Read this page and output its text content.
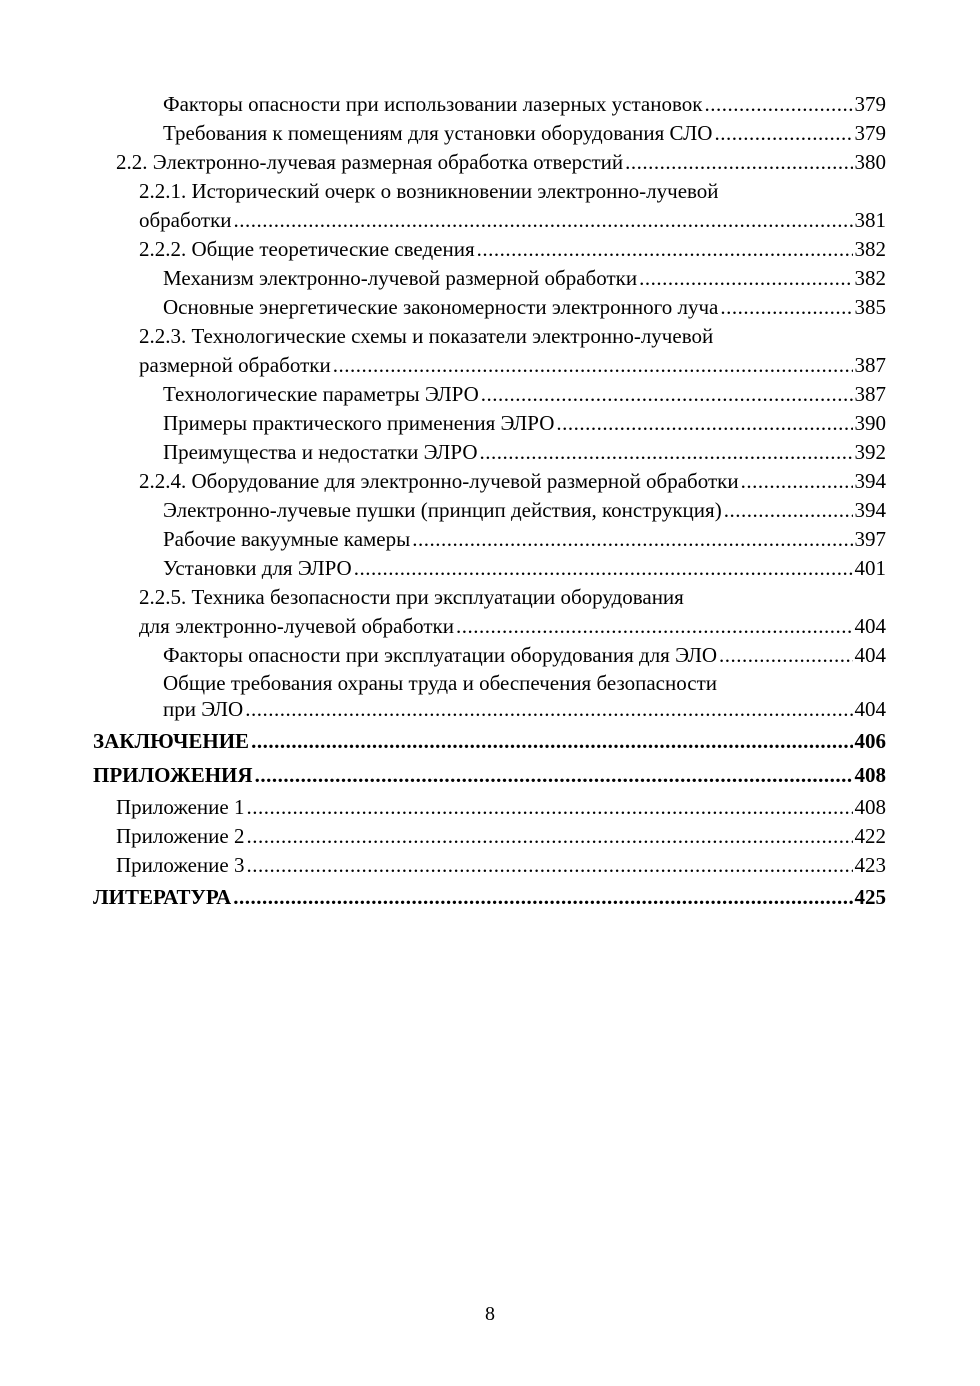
Факторы опасности при использовании лазерных установок .....	379
Требования к помещениям для установки оборудования СЛО .....	379
2.2. Электронно-лучевая размерная обработка отверстий .....	380
2.2.1. Исторический очерк о возникновении электронно-лучевой
обработки .....	381
2.2.2. Общие теоретические сведения .....	382
Механизм электронно-лучевой размерной обработки .....	382
Основные энергетические закономерности электронного луча .....	385
2.2.3. Технологические схемы и показатели электронно-лучевой
размерной обработки .....	387
Технологические параметры ЭЛРО .....	387
Примеры практического применения ЭЛРО .....	390
Преимущества и недостатки ЭЛРО .....	392
2.2.4. Оборудование для электронно-лучевой размерной обработки .....	394
Электронно-лучевые пушки (принцип действия, конструкция) .....	394
Рабочие вакуумные камеры .....	397
Установки для ЭЛРО .....	401
2.2.5. Техника безопасности при эксплуатации оборудования
для электронно-лучевой обработки .....	404
Факторы опасности при эксплуатации оборудования для ЭЛО .....	404
Общие требования охраны труда и обеспечения безопасности
при ЭЛО .....	404
ЗАКЛЮЧЕНИЕ .....	406
ПРИЛОЖЕНИЯ .....	408
Приложение 1 .....	408
Приложение 2 .....	422
Приложение 3 .....	423
ЛИТЕРАТУРА .....	425
8
